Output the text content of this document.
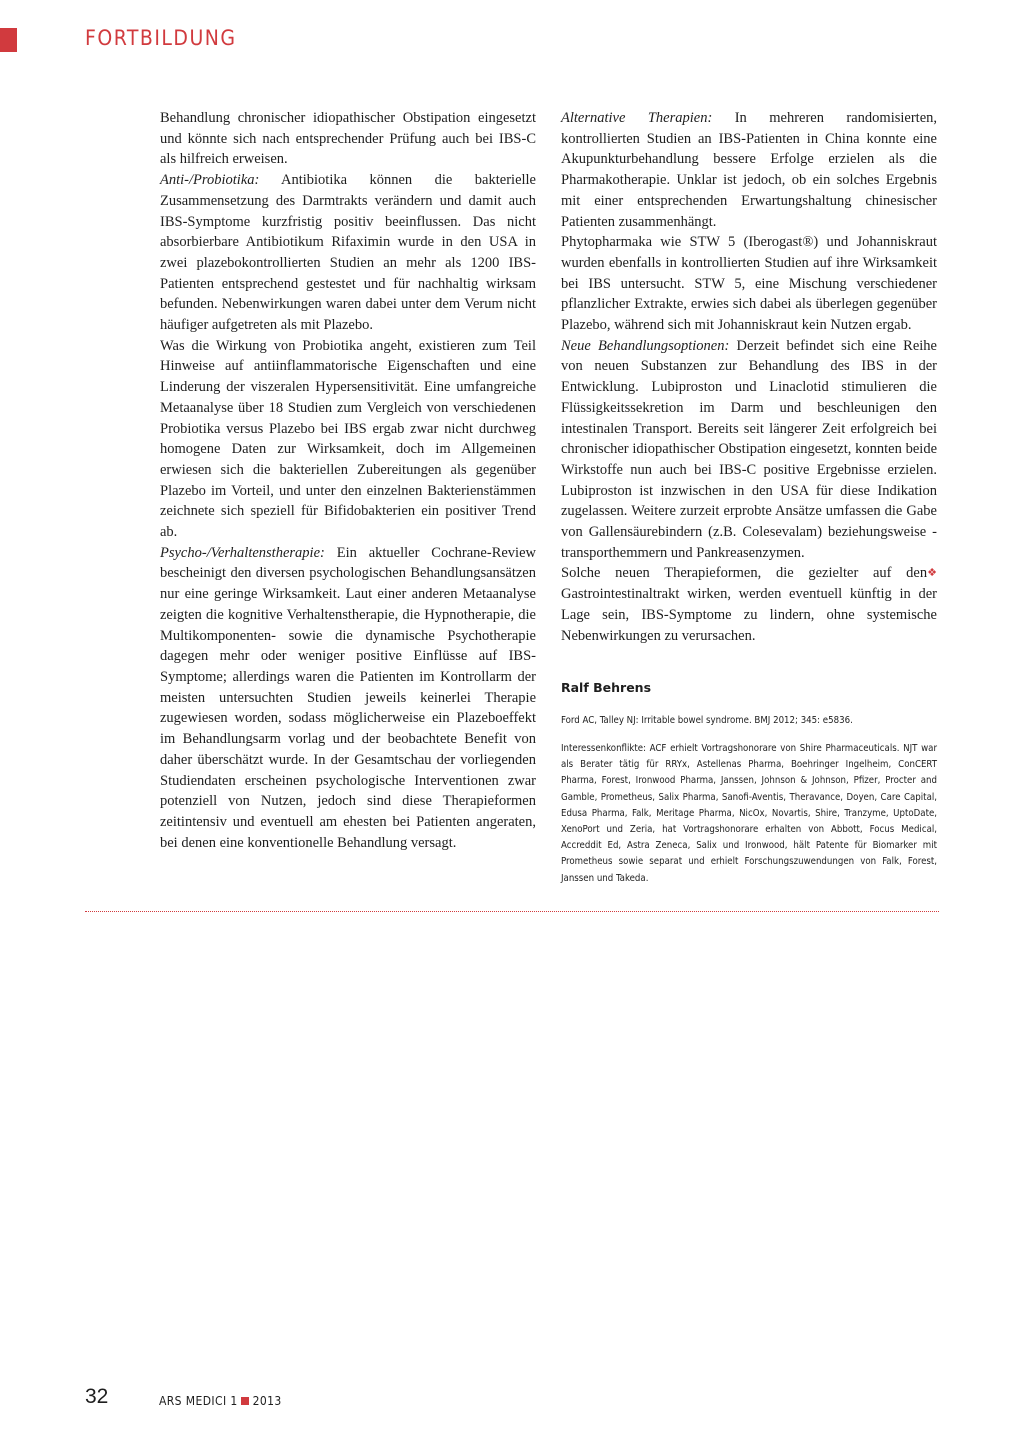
FORTBILDUNG

Behandlung chronischer idiopathischer Obstipation eingesetzt und könnte sich nach entsprechender Prüfung auch bei IBS-C als hilfreich erweisen.

Anti-/Probiotika: Antibiotika können die bakterielle Zusammensetzung des Darmtrakts verändern und damit auch IBS-Symptome kurzfristig positiv beeinflussen. Das nicht absorbierbare Antibiotikum Rifaximin wurde in den USA in zwei plazebokontrollierten Studien an mehr als 1200 IBS-Patienten entsprechend gestestet und für nachhaltig wirksam befunden. Nebenwirkungen waren dabei unter dem Verum nicht häufiger aufgetreten als mit Plazebo.

Was die Wirkung von Probiotika angeht, existieren zum Teil Hinweise auf antiinflammatorische Eigenschaften und eine Linderung der viszeralen Hypersensitivität. Eine umfangreiche Metaanalyse über 18 Studien zum Vergleich von verschiedenen Probiotika versus Plazebo bei IBS ergab zwar nicht durchweg homogene Daten zur Wirksamkeit, doch im Allgemeinen erwiesen sich die bakteriellen Zubereitungen als gegenüber Plazebo im Vorteil, und unter den einzelnen Bakterienstämmen zeichnete sich speziell für Bifidobakterien ein positiver Trend ab.

Psycho-/Verhaltenstherapie: Ein aktueller Cochrane-Review bescheinigt den diversen psychologischen Behandlungsansätzen nur eine geringe Wirksamkeit. Laut einer anderen Metaanalyse zeigten die kognitive Verhaltenstherapie, die Hypnotherapie, die Multikomponenten- sowie die dynamische Psychotherapie dagegen mehr oder weniger positive Einflüsse auf IBS-Symptome; allerdings waren die Patienten im Kontrollarm der meisten untersuchten Studien jeweils keinerlei Therapie zugewiesen worden, sodass möglicherweise ein Plazeboeffekt im Behandlungsarm vorlag und der beobachtete Benefit von daher überschätzt wurde. In der Gesamtschau der vorliegenden Studiendaten erscheinen psychologische Interventionen zwar potenziell von Nutzen, jedoch sind diese Therapieformen zeitintensiv und eventuell am ehesten bei Patienten angeraten, bei denen eine konventionelle Behandlung versagt.

Alternative Therapien: In mehreren randomisierten, kontrollierten Studien an IBS-Patienten in China konnte eine Akupunkturbehandlung bessere Erfolge erzielen als die Pharmakotherapie. Unklar ist jedoch, ob ein solches Ergebnis mit einer entsprechenden Erwartungshaltung chinesischer Patienten zusammenhängt.

Phytopharmaka wie STW 5 (Iberogast®) und Johanniskraut wurden ebenfalls in kontrollierten Studien auf ihre Wirksamkeit bei IBS untersucht. STW 5, eine Mischung verschiedener pflanzlicher Extrakte, erwies sich dabei als überlegen gegenüber Plazebo, während sich mit Johanniskraut kein Nutzen ergab.

Neue Behandlungsoptionen: Derzeit befindet sich eine Reihe von neuen Substanzen zur Behandlung des IBS in der Entwicklung. Lubiproston und Linaclotid stimulieren die Flüssigkeitssekretion im Darm und beschleunigen den intestinalen Transport. Bereits seit längerer Zeit erfolgreich bei chronischer idiopathischer Obstipation eingesetzt, konnten beide Wirkstoffe nun auch bei IBS-C positive Ergebnisse erzielen. Lubiproston ist inzwischen in den USA für diese Indikation zugelassen. Weitere zurzeit erprobte Ansätze umfassen die Gabe von Gallensäurebindern (z.B. Colesevalam) beziehungsweise -transporthemmern und Pankreasenzymen.

❖
Solche neuen Therapieformen, die gezielter auf den Gastrointestinaltrakt wirken, werden eventuell künftig in der Lage sein, IBS-Symptome zu lindern, ohne systemische Nebenwirkungen zu verursachen.

Ralf Behrens
Ford AC, Talley NJ: Irritable bowel syndrome. BMJ 2012; 345: e5836.
Interessenkonflikte: ACF erhielt Vortragshonorare von Shire Pharmaceuticals. NJT war als Berater tätig für RRYx, Astellenas Pharma, Boehringer Ingelheim, ConCERT Pharma, Forest, Ironwood Pharma, Janssen, Johnson & Johnson, Pfizer, Procter and Gamble, Prometheus, Salix Pharma, Sanofi-Aventis, Theravance, Doyen, Care Capital, Edusa Pharma, Falk, Meritage Pharma, NicOx, Novartis, Shire, Tranzyme, UptoDate, XenoPort und Zeria, hat Vortragshonorare erhalten von Abbott, Focus Medical, Accreddit Ed, Astra Zeneca, Salix und Ironwood, hält Patente für Biomarker mit Prometheus sowie separat und erhielt Forschungszuwendungen von Falk, Forest, Janssen und Takeda.
32	ARS MEDICI 1 2013
